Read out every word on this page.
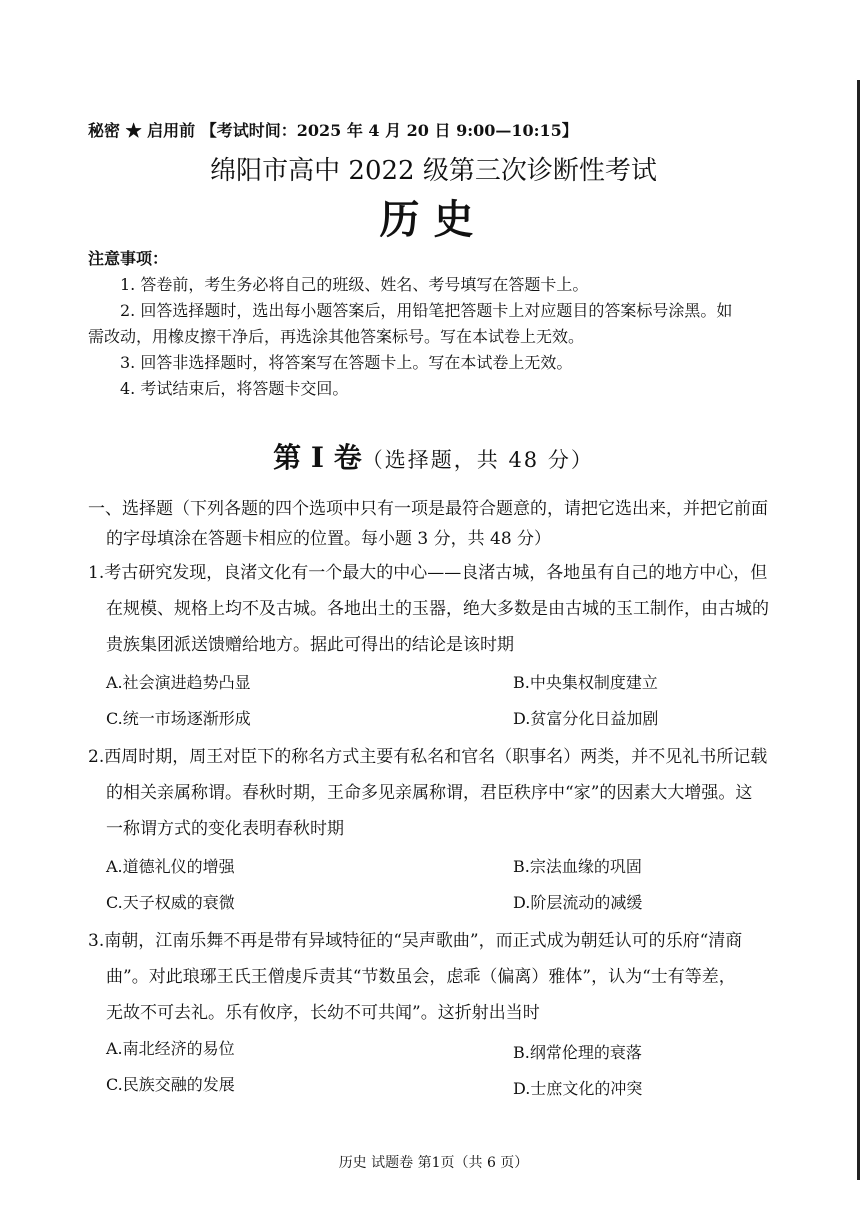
秘密 ★ 启用前 【考试时间：2025 年 4 月 20 日 9:00—10:15】
绵阳市高中 2022 级第三次诊断性考试
历史
注意事项：
1. 答卷前，考生务必将自己的班级、姓名、考号填写在答题卡上。
2. 回答选择题时，选出每小题答案后，用铅笔把答题卡上对应题目的答案标号涂黑。如
需改动，用橡皮擦干净后，再选涂其他答案标号。写在本试卷上无效。
3. 回答非选择题时，将答案写在答题卡上。写在本试卷上无效。
4. 考试结束后，将答题卡交回。
第 I 卷（选择题，共 48 分）
一、选择题（下列各题的四个选项中只有一项是最符合题意的，请把它选出来，并把它前面
的字母填涂在答题卡相应的位置。每小题 3 分，共 48 分）
1.考古研究发现，良渚文化有一个最大的中心——良渚古城，各地虽有自己的地方中心，但
在规模、规格上均不及古城。各地出土的玉器，绝大多数是由古城的玉工制作，由古城的
贵族集团派送馈赠给地方。据此可得出的结论是该时期
A.社会演进趋势凸显	B.中央集权制度建立
C.统一市场逐渐形成	D.贫富分化日益加剧
2.西周时期，周王对臣下的称名方式主要有私名和官名（职事名）两类，并不见礼书所记载
的相关亲属称谓。春秋时期，王命多见亲属称谓，君臣秩序中“家”的因素大大增强。这
一称谓方式的变化表明春秋时期
A.道德礼仪的增强	B.宗法血缘的巩固
C.天子权威的衰微	D.阶层流动的减缓
3.南朝，江南乐舞不再是带有异域特征的“吴声歌曲”，而正式成为朝廷认可的乐府“清商
曲”。对此琅琊王氏王僧虔斥责其“节数虽会，虑乖（偏离）雅体”，认为“士有等差，
无故不可去礼。乐有攸序，长幼不可共闻”。这折射出当时
A.南北经济的易位	B.纲常伦理的衰落
C.民族交融的发展	D.士庶文化的冲突
历史 试题卷 第1页（共 6 页）
